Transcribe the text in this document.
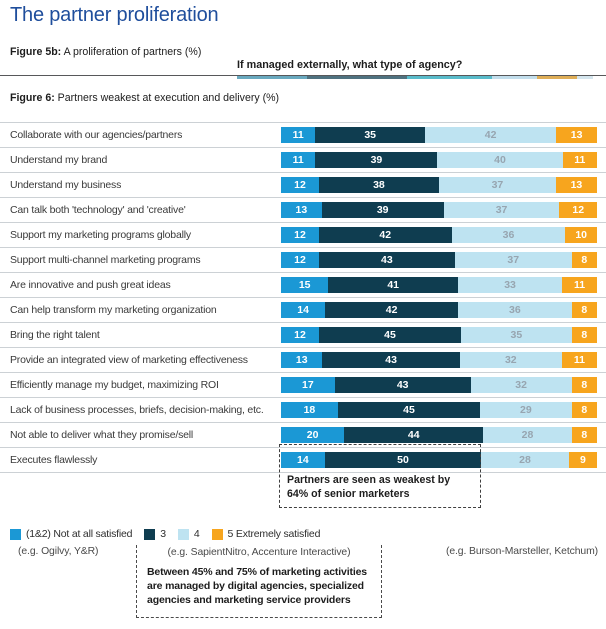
The partner proliferation
Figure 5b: A proliferation of partners (%)
If managed externally, what type of agency?
Figure 6: Partners weakest at execution and delivery (%)
Collaborate with our agencies/partners	11	35	42	13
Understand my brand	11	39	40	11
Understand my business	12	38	37	13
Can talk both 'technology' and 'creative'	13	39	37	12
Support my marketing programs globally	12	42	36	10
Support multi-channel marketing programs	12	43	37	8
Are innovative and push great ideas	15	41	33	11
Can help transform my marketing organization	14	42	36	8
Bring the right talent	12	45	35	8
Provide an integrated view of marketing effectiveness	13	43	32	11
Efficiently manage my budget, maximizing ROI	17	43	32	8
Lack of business processes, briefs, decision-making, etc.	18	45	29	8
Not able to deliver what they promise/sell	20	44	28	8
Executes flawlessly	14	50	28	9
Partners are seen as weakest by 64% of senior marketers
(1&2) Not at all satisfied	3	4	5 Extremely satisfied
(e.g. Ogilvy, Y&R)	(e.g. Burson-Marsteller, Ketchum)
(e.g. SapientNitro, Accenture Interactive)
Between 45% and 75% of marketing activities are managed by digital agencies, specialized agencies and marketing service providers
